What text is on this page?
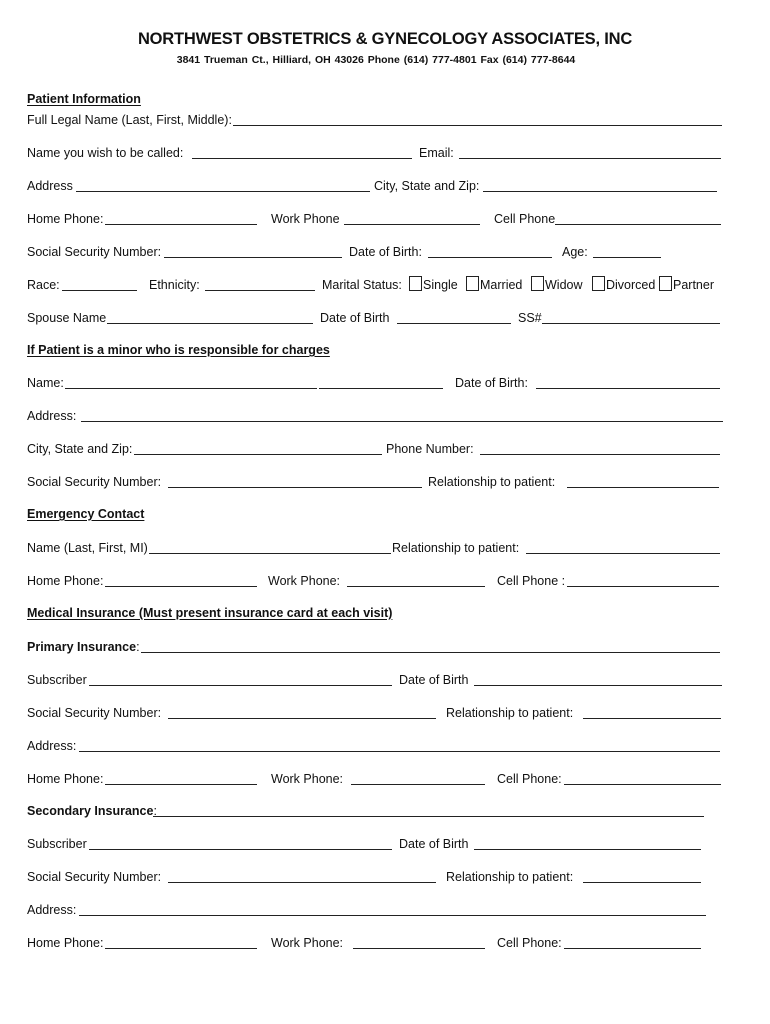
NORTHWEST OBSTETRICS & GYNECOLOGY ASSOCIATES, INC
3841 Trueman Ct., Hilliard, OH 43026 Phone (614) 777-4801 Fax (614) 777-8644
Patient Information
Full Legal Name (Last, First, Middle):
Name you wish to be called:	Email:
Address	City, State and Zip:
Home Phone:	Work Phone	Cell Phone
Social Security Number:	Date of Birth:	Age:
Race:	Ethnicity:	Marital Status: Single Married Widow Divorced Partner
Spouse Name	Date of Birth	SS#
If Patient is a minor who is responsible for charges
Name:	Date of Birth:
Address:
City, State and Zip:	Phone Number:
Social Security Number:	Relationship to patient:
Emergency Contact
Name (Last, First, MI)	Relationship to patient:
Home Phone:	Work Phone:	Cell Phone :
Medical Insurance (Must present insurance card at each visit)
Primary Insurance:
Subscriber	Date of Birth
Social Security Number:	Relationship to patient:
Address:
Home Phone:	Work Phone:	Cell Phone:
Secondary Insurance:
Subscriber	Date of Birth
Social Security Number:	Relationship to patient:
Address:
Home Phone:	Work Phone:	Cell Phone:
